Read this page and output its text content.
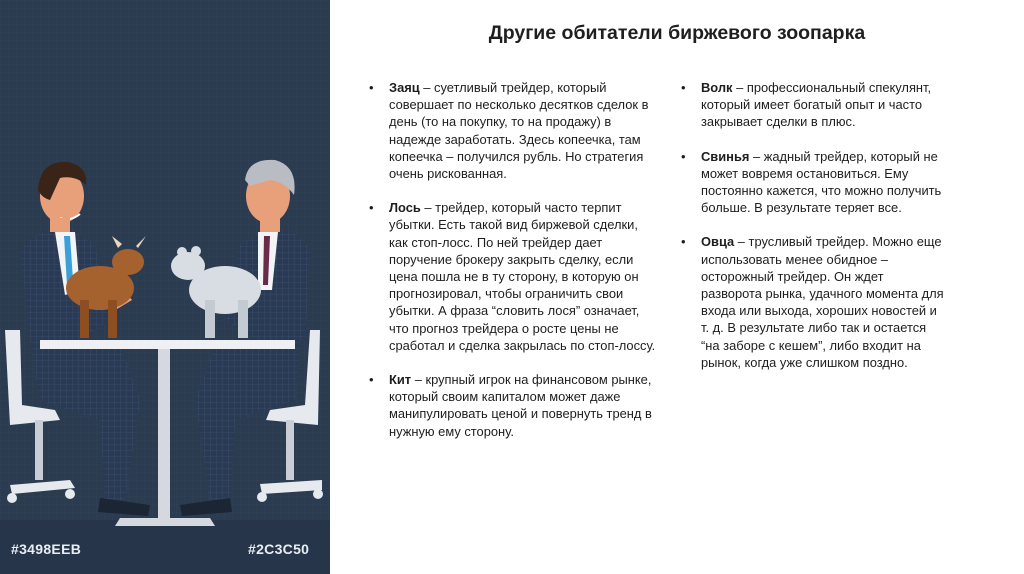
#3498EEB	#2C3C50
Другие обитатели биржевого зоопарка
• Заяц – суетливый трейдер, который совершает по несколько десятков сделок в день (то на покупку, то на продажу) в надежде заработать. Здесь копеечка, там копеечка – получился рубль. Но стратегия очень рискованная.
• Лось – трейдер, который часто терпит убытки. Есть такой вид биржевой сделки, как стоп-лосс. По ней трейдер дает поручение брокеру закрыть сделку, если цена пошла не в ту сторону, в которую он прогнозировал, чтобы ограничить свои убытки. А фраза “словить лося” означает, что прогноз трейдера о росте цены не сработал и сделка закрылась по стоп-лоссу.
• Кит – крупный игрок на финансовом рынке, который своим капиталом может даже манипулировать ценой и повернуть тренд в нужную ему сторону.
• Волк – профессиональный спекулянт, который имеет богатый опыт и часто закрывает сделки в плюс.
• Свинья – жадный трейдер, который не может вовремя остановиться. Ему постоянно кажется, что можно получить больше. В результате теряет все.
• Овца – трусливый трейдер. Можно еще использовать менее обидное – осторожный трейдер. Он ждет разворота рынка, удачного момента для входа или выхода, хороших новостей и т. д. В результате либо так и остается “на заборе с кешем”, либо входит на рынок, когда уже слишком поздно.
